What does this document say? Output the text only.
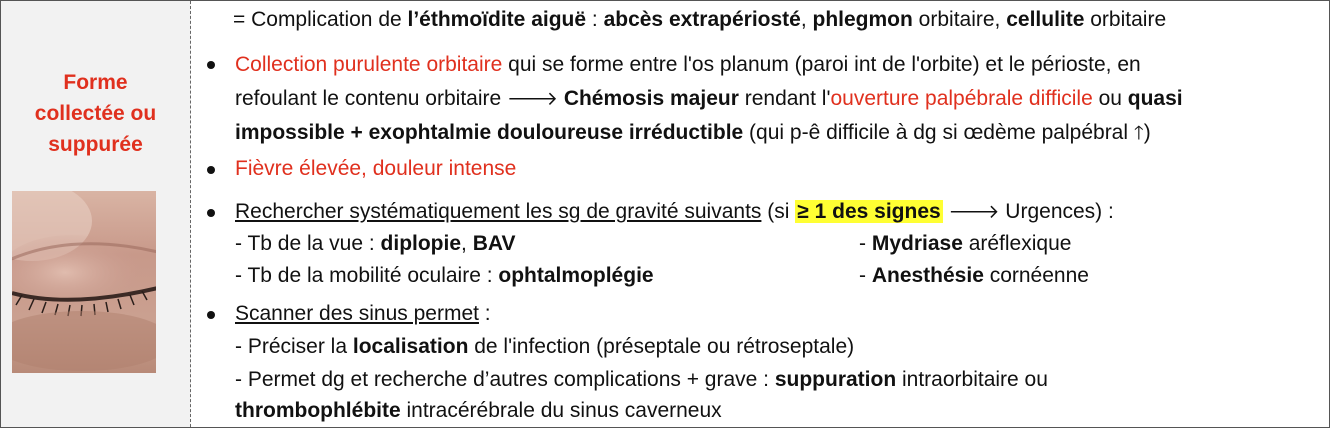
Forme
collectée ou
suppurée
= Complication de l’éthmoïdite aiguë : abcès extrapériosté, phlegmon orbitaire, cellulite orbitaire
Collection purulente orbitaire qui se forme entre l'os planum (paroi int de l'orbite) et le périoste, en
refoulant le contenu orbitaire 🡒 Chémosis majeur rendant l'ouverture palpébrale difficile ou quasi
impossible + exophtalmie douloureuse irréductible (qui p-ê difficile à dg si œdème palpébral 🡑)
Fièvre élevée, douleur intense
Rechercher systématiquement les sg de gravité suivants (si ≥ 1 des signes 🡒 Urgences) :
- Tb de la vue : diplopie, BAV	- Mydriase aréflexique
- Tb de la mobilité oculaire : ophtalmoplégie	- Anesthésie cornéenne
Scanner des sinus permet :
- Préciser la localisation de l'infection (préseptale ou rétroseptale)
- Permet dg et recherche d’autres complications + grave : suppuration intraorbitaire ou
thrombophlébite intracérébrale du sinus caverneux
